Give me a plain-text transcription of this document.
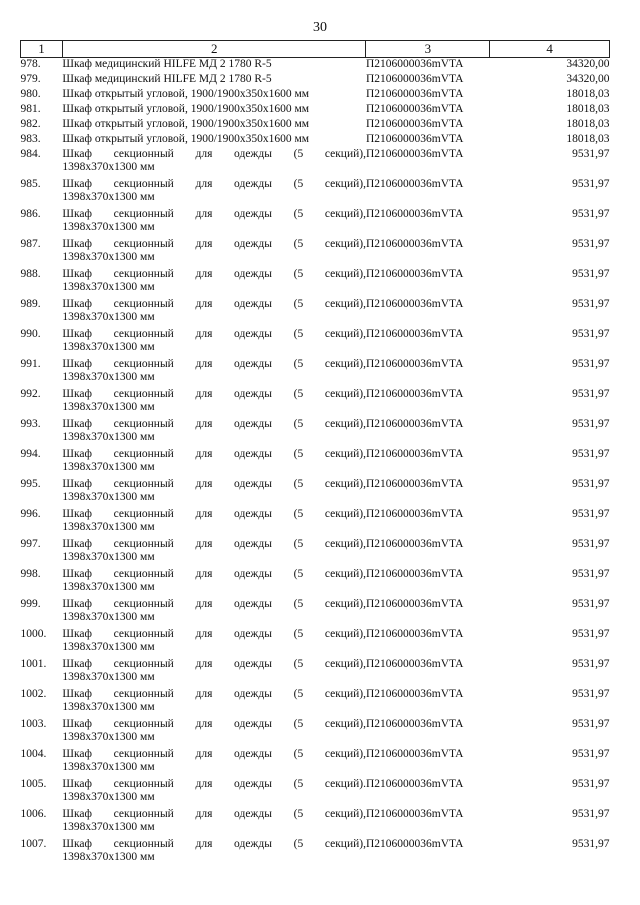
30
1	2	3	4
978.	Шкаф медицинский HILFE МД 2 1780 R-5	П2106000036mVTA	34320,00
979.	Шкаф медицинский HILFE МД 2 1780 R-5	П2106000036mVTA	34320,00
980.	Шкаф открытый угловой, 1900/1900x350x1600 мм	П2106000036mVTA	18018,03
981.	Шкаф открытый угловой, 1900/1900x350x1600 мм	П2106000036mVTA	18018,03
982.	Шкаф открытый угловой, 1900/1900x350x1600 мм	П2106000036mVTA	18018,03
983.	Шкаф открытый угловой, 1900/1900x350x1600 мм	П2106000036mVTA	18018,03
984.	Шкаф секционный для одежды (5 секций),
1398x370x1300 мм	П2106000036mVTA	9531,97
985.	Шкаф секционный для одежды (5 секций),
1398x370x1300 мм	П2106000036mVTA	9531,97
986.	Шкаф секционный для одежды (5 секций),
1398x370x1300 мм	П2106000036mVTA	9531,97
987.	Шкаф секционный для одежды (5 секций),
1398x370x1300 мм	П2106000036mVTA	9531,97
988.	Шкаф секционный для одежды (5 секций),
1398x370x1300 мм	П2106000036mVTA	9531,97
989.	Шкаф секционный для одежды (5 секций),
1398x370x1300 мм	П2106000036mVTA	9531,97
990.	Шкаф секционный для одежды (5 секций),
1398x370x1300 мм	П2106000036mVTA	9531,97
991.	Шкаф секционный для одежды (5 секций),
1398x370x1300 мм	П2106000036mVTA	9531,97
992.	Шкаф секционный для одежды (5 секций),
1398x370x1300 мм	П2106000036mVTA	9531,97
993.	Шкаф секционный для одежды (5 секций),
1398x370x1300 мм	П2106000036mVTA	9531,97
994.	Шкаф секционный для одежды (5 секций),
1398x370x1300 мм	П2106000036mVTA	9531,97
995.	Шкаф секционный для одежды (5 секций),
1398x370x1300 мм	П2106000036mVTA	9531,97
996.	Шкаф секционный для одежды (5 секций),
1398x370x1300 мм	П2106000036mVTA	9531,97
997.	Шкаф секционный для одежды (5 секций),
1398x370x1300 мм	П2106000036mVTA	9531,97
998.	Шкаф секционный для одежды (5 секций),
1398x370x1300 мм	П2106000036mVTA	9531,97
999.	Шкаф секционный для одежды (5 секций),
1398x370x1300 мм	П2106000036mVTA	9531,97
1000.	Шкаф секционный для одежды (5 секций),
1398x370x1300 мм	П2106000036mVTA	9531,97
1001.	Шкаф секционный для одежды (5 секций),
1398x370x1300 мм	П2106000036mVTA	9531,97
1002.	Шкаф секционный для одежды (5 секций),
1398x370x1300 мм	П2106000036mVTA	9531,97
1003.	Шкаф секционный для одежды (5 секций),
1398x370x1300 мм	П2106000036mVTA	9531,97
1004.	Шкаф секционный для одежды (5 секций),
1398x370x1300 мм	П2106000036mVTA	9531,97
1005.	Шкаф секционный для одежды (5 секций).
1398x370x1300 мм	П2106000036mVTA	9531,97
1006.	Шкаф секционный для одежды (5 секций),
1398x370x1300 мм	П2106000036mVTA	9531,97
1007.	Шкаф секционный для одежды (5 секций),
1398x370x1300 мм	П2106000036mVTA	9531,97
